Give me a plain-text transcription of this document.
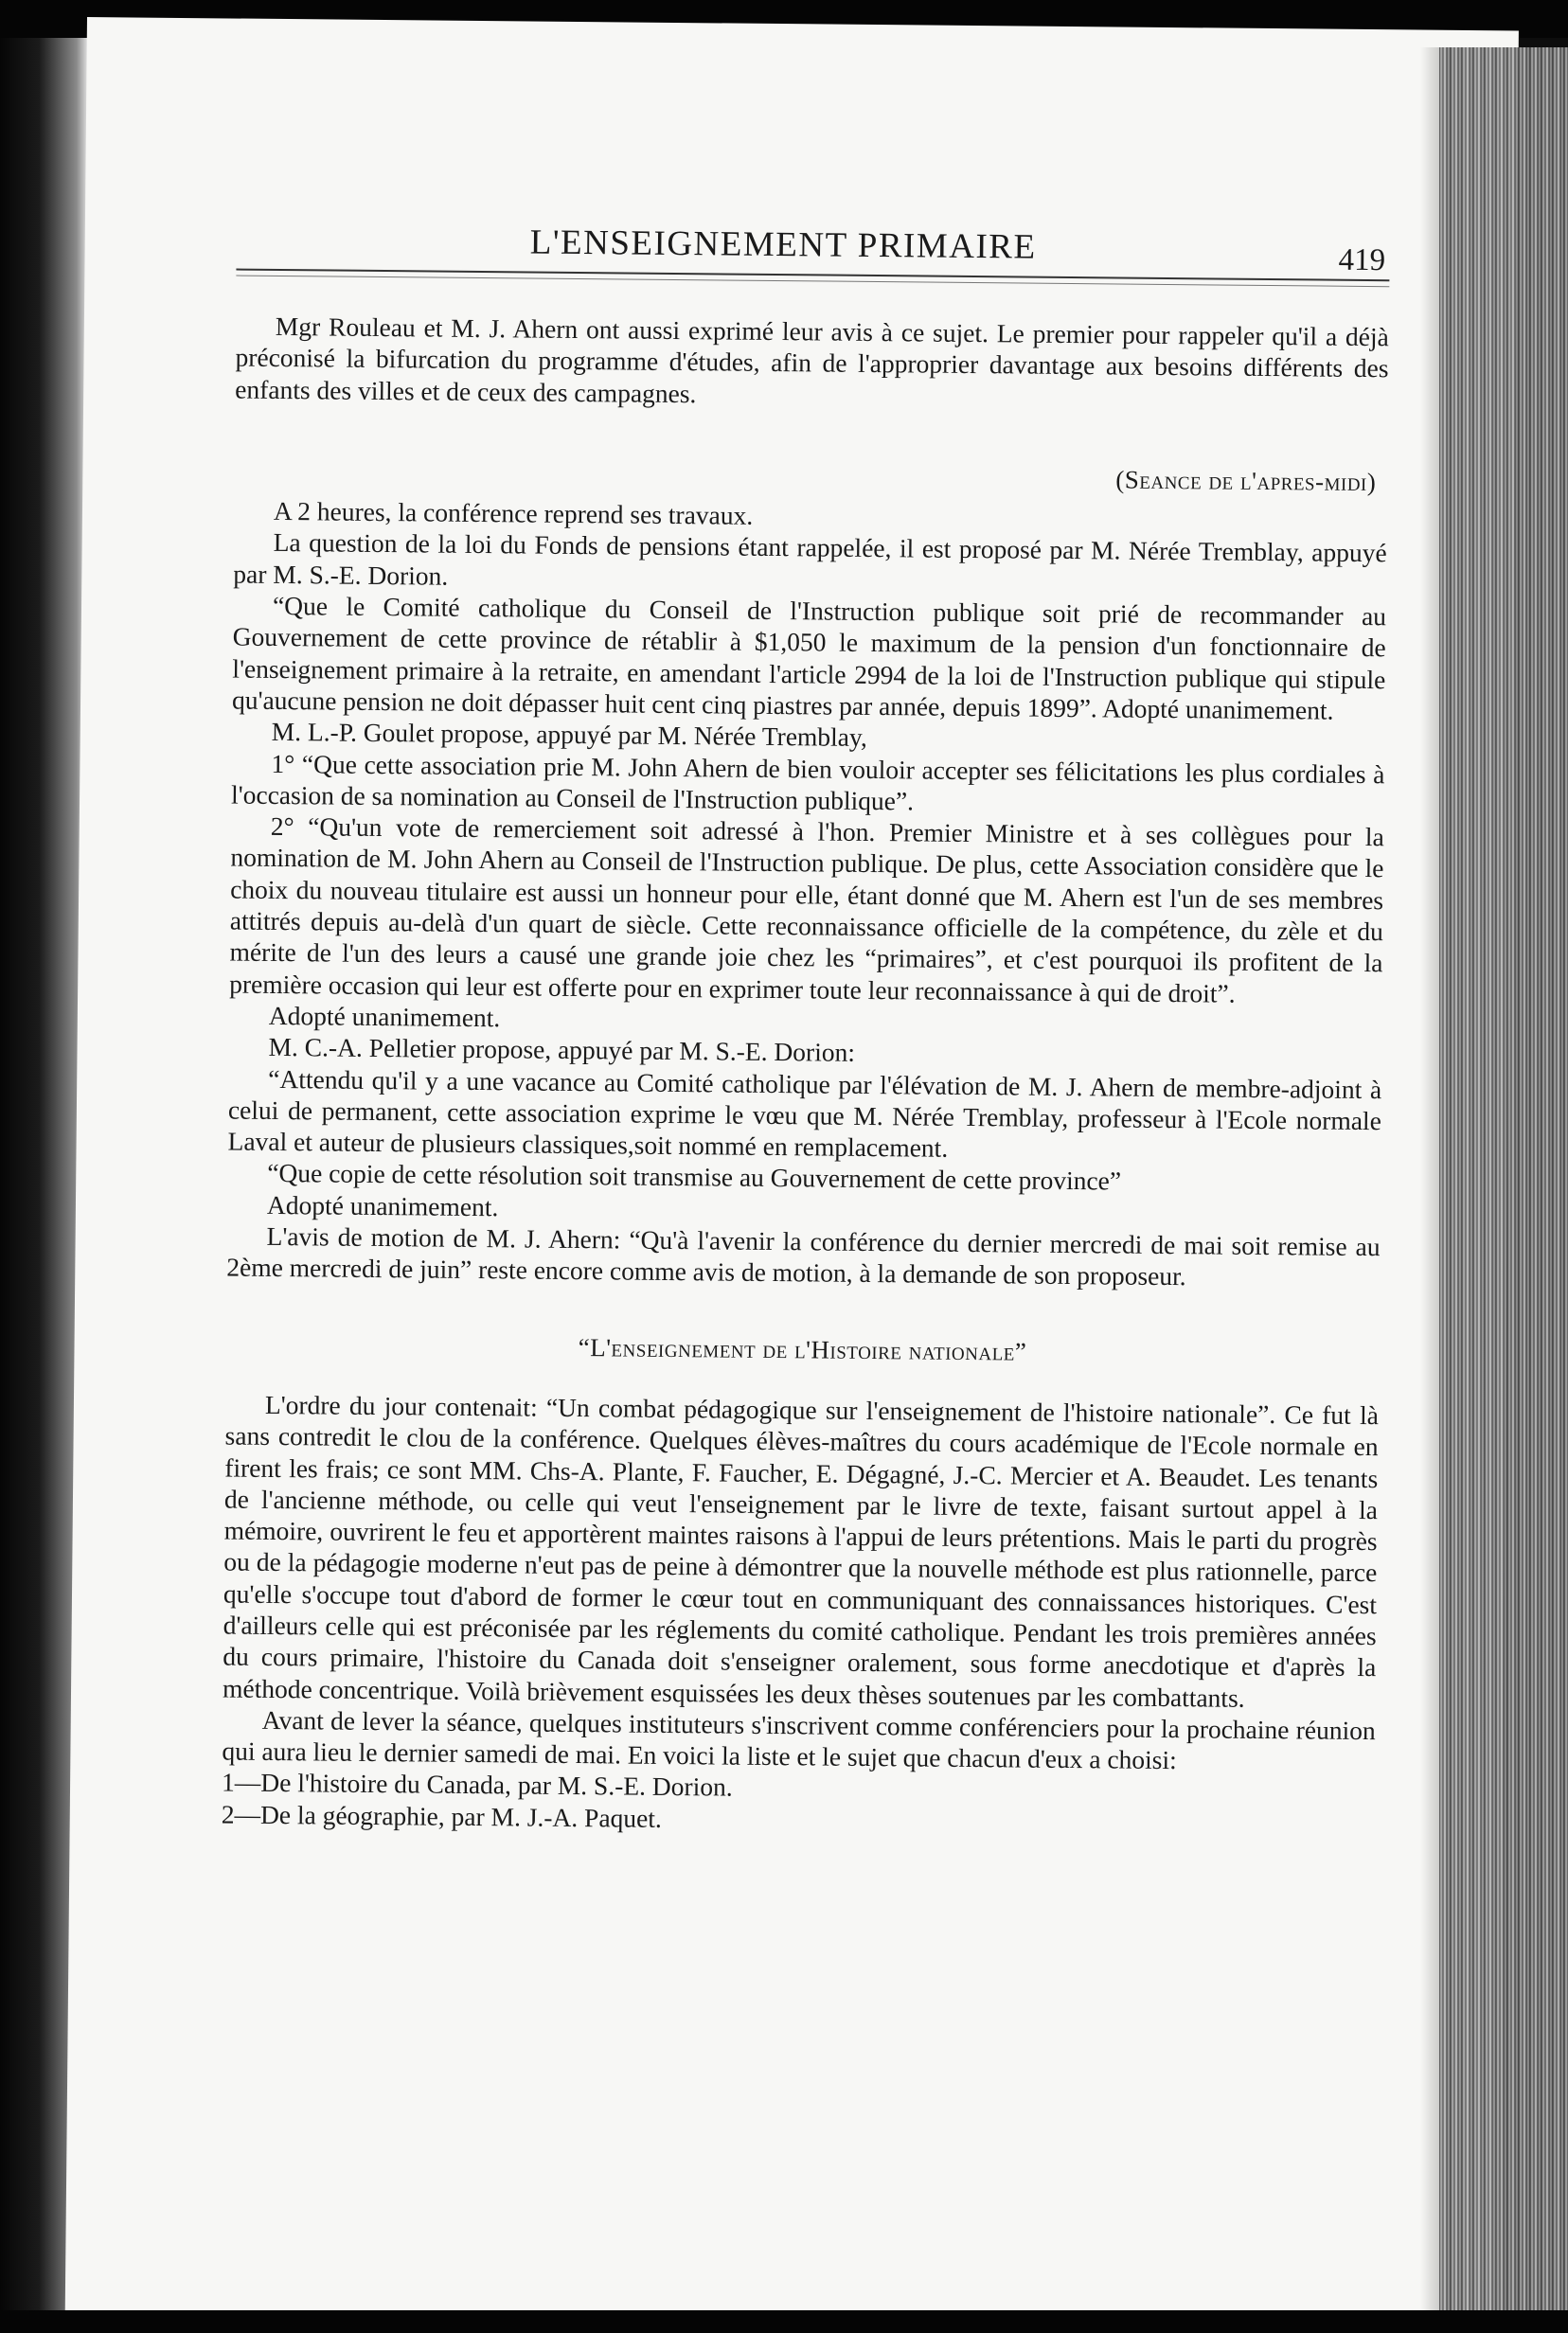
L'ENSEIGNEMENT PRIMAIRE	419

Mgr Rouleau et M. J. Ahern ont aussi exprimé leur avis à ce sujet. Le premier pour rappeler qu'il a déjà préconisé la bifurcation du programme d'études, afin de l'approprier davantage aux besoins différents des enfants des villes et de ceux des campagnes.

(Seance de l'apres-midi)

A 2 heures, la conférence reprend ses travaux.

La question de la loi du Fonds de pensions étant rappelée, il est proposé par M. Nérée Tremblay, appuyé par M. S.-E. Dorion.

“Que le Comité catholique du Conseil de l'Instruction publique soit prié de recommander au Gouvernement de cette province de rétablir à $1,050 le maximum de la pension d'un fonctionnaire de l'enseignement primaire à la retraite, en amendant l'article 2994 de la loi de l'Instruction publique qui stipule qu'aucune pension ne doit dépasser huit cent cinq piastres par année, depuis 1899”. Adopté unanimement.

M. L.-P. Goulet propose, appuyé par M. Nérée Tremblay,

1° “Que cette association prie M. John Ahern de bien vouloir accepter ses félicitations les plus cordiales à l'occasion de sa nomination au Conseil de l'Instruction publique”.

2° “Qu'un vote de remerciement soit adressé à l'hon. Premier Ministre et à ses collègues pour la nomination de M. John Ahern au Conseil de l'Instruction publique. De plus, cette Association considère que le choix du nouveau titulaire est aussi un honneur pour elle, étant donné que M. Ahern est l'un de ses membres attitrés depuis au-delà d'un quart de siècle. Cette reconnaissance officielle de la compétence, du zèle et du mérite de l'un des leurs a causé une grande joie chez les “primaires”, et c'est pourquoi ils profitent de la première occasion qui leur est offerte pour en exprimer toute leur reconnaissance à qui de droit”.

Adopté unanimement.

M. C.-A. Pelletier propose, appuyé par M. S.-E. Dorion:

“Attendu qu'il y a une vacance au Comité catholique par l'élévation de M. J. Ahern de membre-adjoint à celui de permanent, cette association exprime le vœu que M. Nérée Tremblay, professeur à l'Ecole normale Laval et auteur de plusieurs classiques,soit nommé en remplacement.

“Que copie de cette résolution soit transmise au Gouvernement de cette province”

Adopté unanimement.

L'avis de motion de M. J. Ahern: “Qu'à l'avenir la conférence du dernier mercredi de mai soit remise au 2ème mercredi de juin” reste encore comme avis de motion, à la demande de son proposeur.

“L'enseignement de l'Histoire nationale”

L'ordre du jour contenait: “Un combat pédagogique sur l'enseignement de l'histoire nationale”. Ce fut là sans contredit le clou de la conférence. Quelques élèves-maîtres du cours académique de l'Ecole normale en firent les frais; ce sont MM. Chs-A. Plante, F. Faucher, E. Dégagné, J.-C. Mercier et A. Beaudet. Les tenants de l'ancienne méthode, ou celle qui veut l'enseignement par le livre de texte, faisant surtout appel à la mémoire, ouvrirent le feu et apportèrent maintes raisons à l'appui de leurs prétentions. Mais le parti du progrès ou de la pédagogie moderne n'eut pas de peine à démontrer que la nouvelle méthode est plus rationnelle, parce qu'elle s'occupe tout d'abord de former le cœur tout en communiquant des connaissances historiques. C'est d'ailleurs celle qui est préconisée par les réglements du comité catholique. Pendant les trois premières années du cours primaire, l'histoire du Canada doit s'enseigner oralement, sous forme anecdotique et d'après la méthode concentrique. Voilà brièvement esquissées les deux thèses soutenues par les combattants.

Avant de lever la séance, quelques instituteurs s'inscrivent comme conférenciers pour la prochaine réunion qui aura lieu le dernier samedi de mai. En voici la liste et le sujet que chacun d'eux a choisi:

1—De l'histoire du Canada, par M. S.-E. Dorion.

2—De la géographie, par M. J.-A. Paquet.
